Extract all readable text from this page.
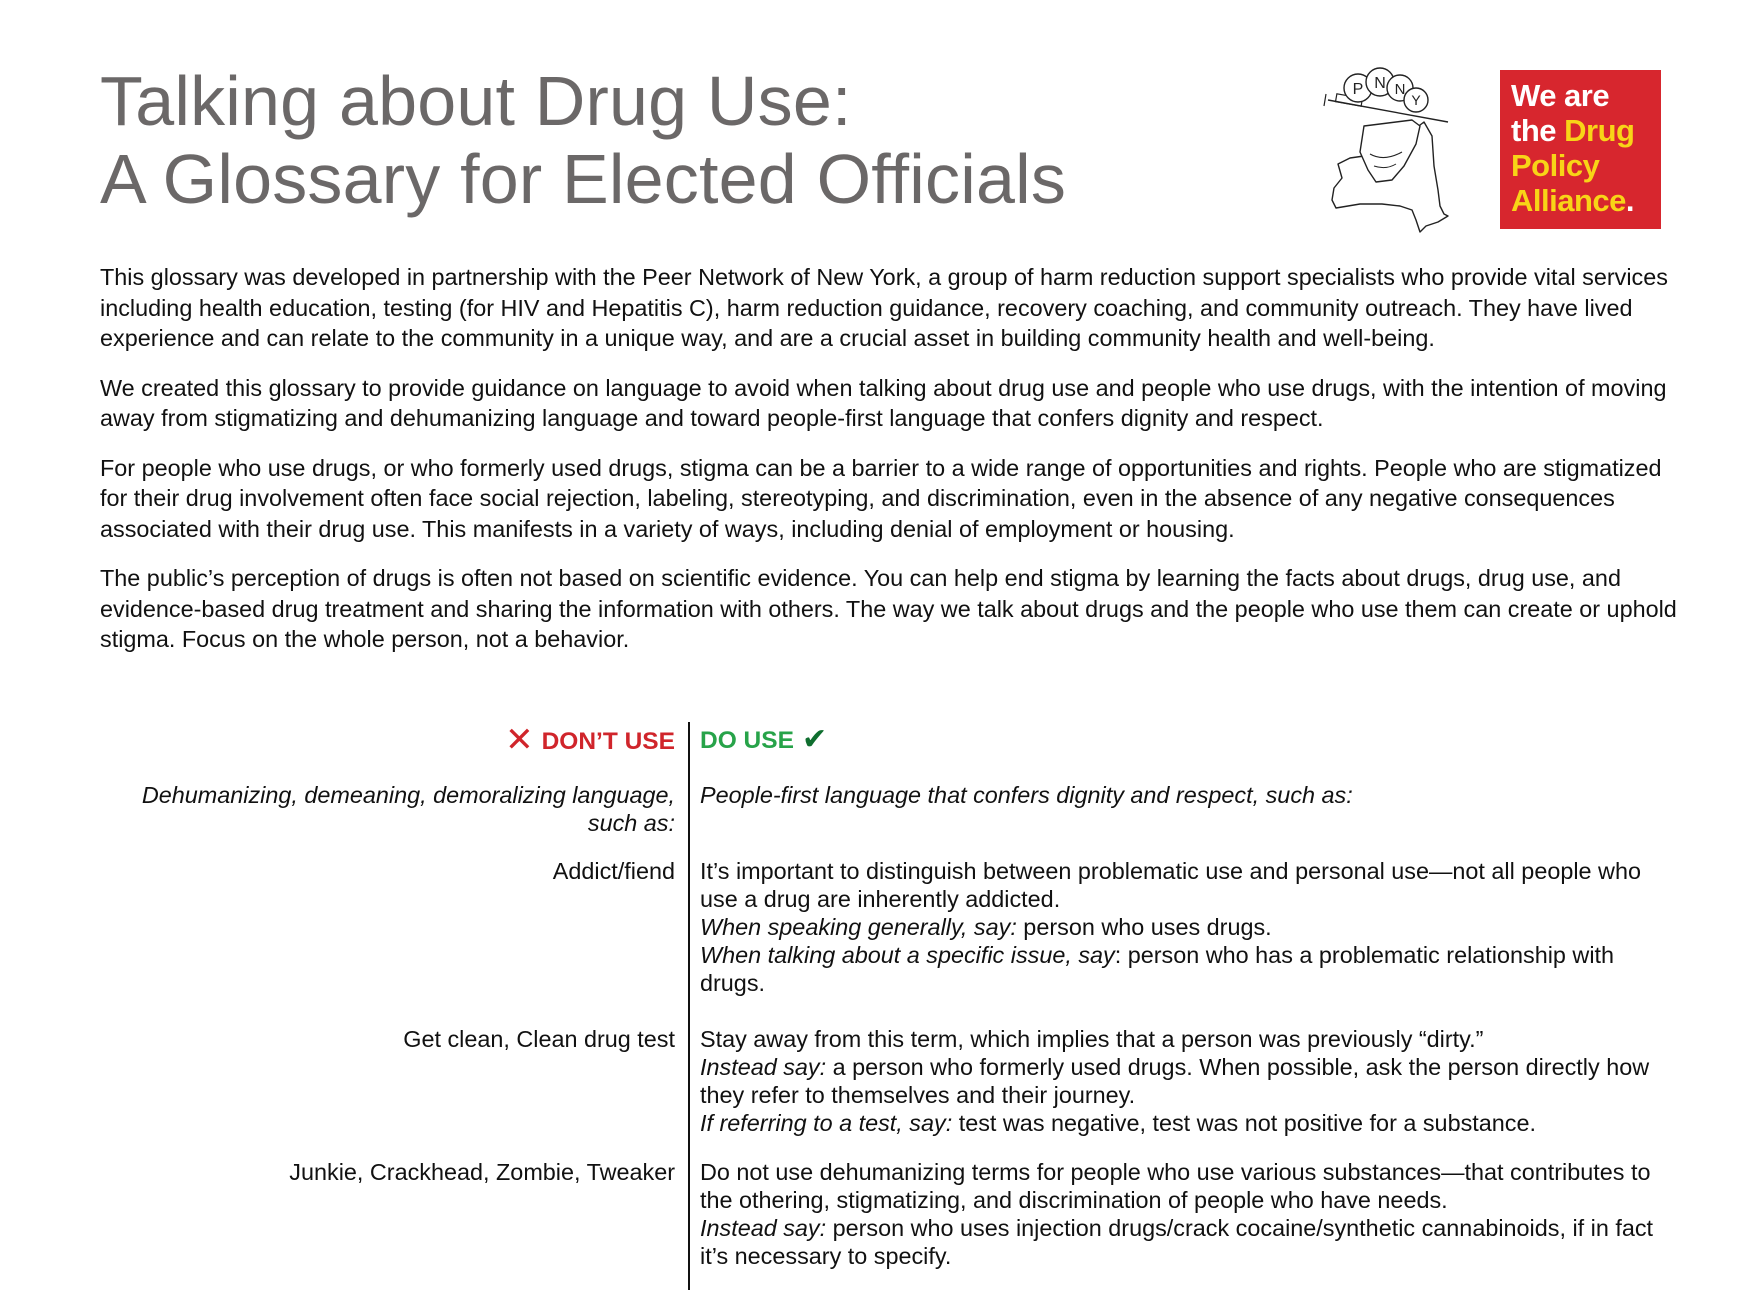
Talking about Drug Use:
A Glossary for Elected Officials
P N N
Y	We are
the Drug
Policy
Alliance.

This glossary was developed in partnership with the Peer Network of New York, a group of harm reduction support specialists who provide vital services including health education, testing (for HIV and Hepatitis C), harm reduction guidance, recovery coaching, and community outreach. They have lived experience and can relate to the community in a unique way, and are a crucial asset in building community health and well-being.

We created this glossary to provide guidance on language to avoid when talking about drug use and people who use drugs, with the intention of moving away from stigmatizing and dehumanizing language and toward people-first language that confers dignity and respect.

For people who use drugs, or who formerly used drugs, stigma can be a barrier to a wide range of opportunities and rights. People who are stigmatized for their drug involvement often face social rejection, labeling, stereotyping, and discrimination, even in the absence of any negative consequences associated with their drug use. This manifests in a variety of ways, including denial of employment or housing.

The public’s perception of drugs is often not based on scientific evidence. You can help end stigma by learning the facts about drugs, drug use, and evidence-based drug treatment and sharing the information with others. The way we talk about drugs and the people who use them can create or uphold stigma. Focus on the whole person, not a behavior.

✕ DON’T USE DO USE ✔
Dehumanizing, demeaning, demoralizing language, such as:
People-first language that confers dignity and respect, such as:
Addict/fiend It’s important to distinguish between problematic use and personal use—not all people who use a drug are inherently addicted.
When speaking generally, say: person who uses drugs.
When talking about a specific issue, say: person who has a problematic relationship with drugs.
Get clean, Clean drug test Stay away from this term, which implies that a person was previously “dirty.”
Instead say: a person who formerly used drugs. When possible, ask the person directly how they refer to themselves and their journey.
If referring to a test, say: test was negative, test was not positive for a substance.
Junkie, Crackhead, Zombie, Tweaker Do not use dehumanizing terms for people who use various substances—that contributes to the othering, stigmatizing, and discrimination of people who have needs.
Instead say: person who uses injection drugs/crack cocaine/synthetic cannabinoids, if in fact it’s necessary to specify.
